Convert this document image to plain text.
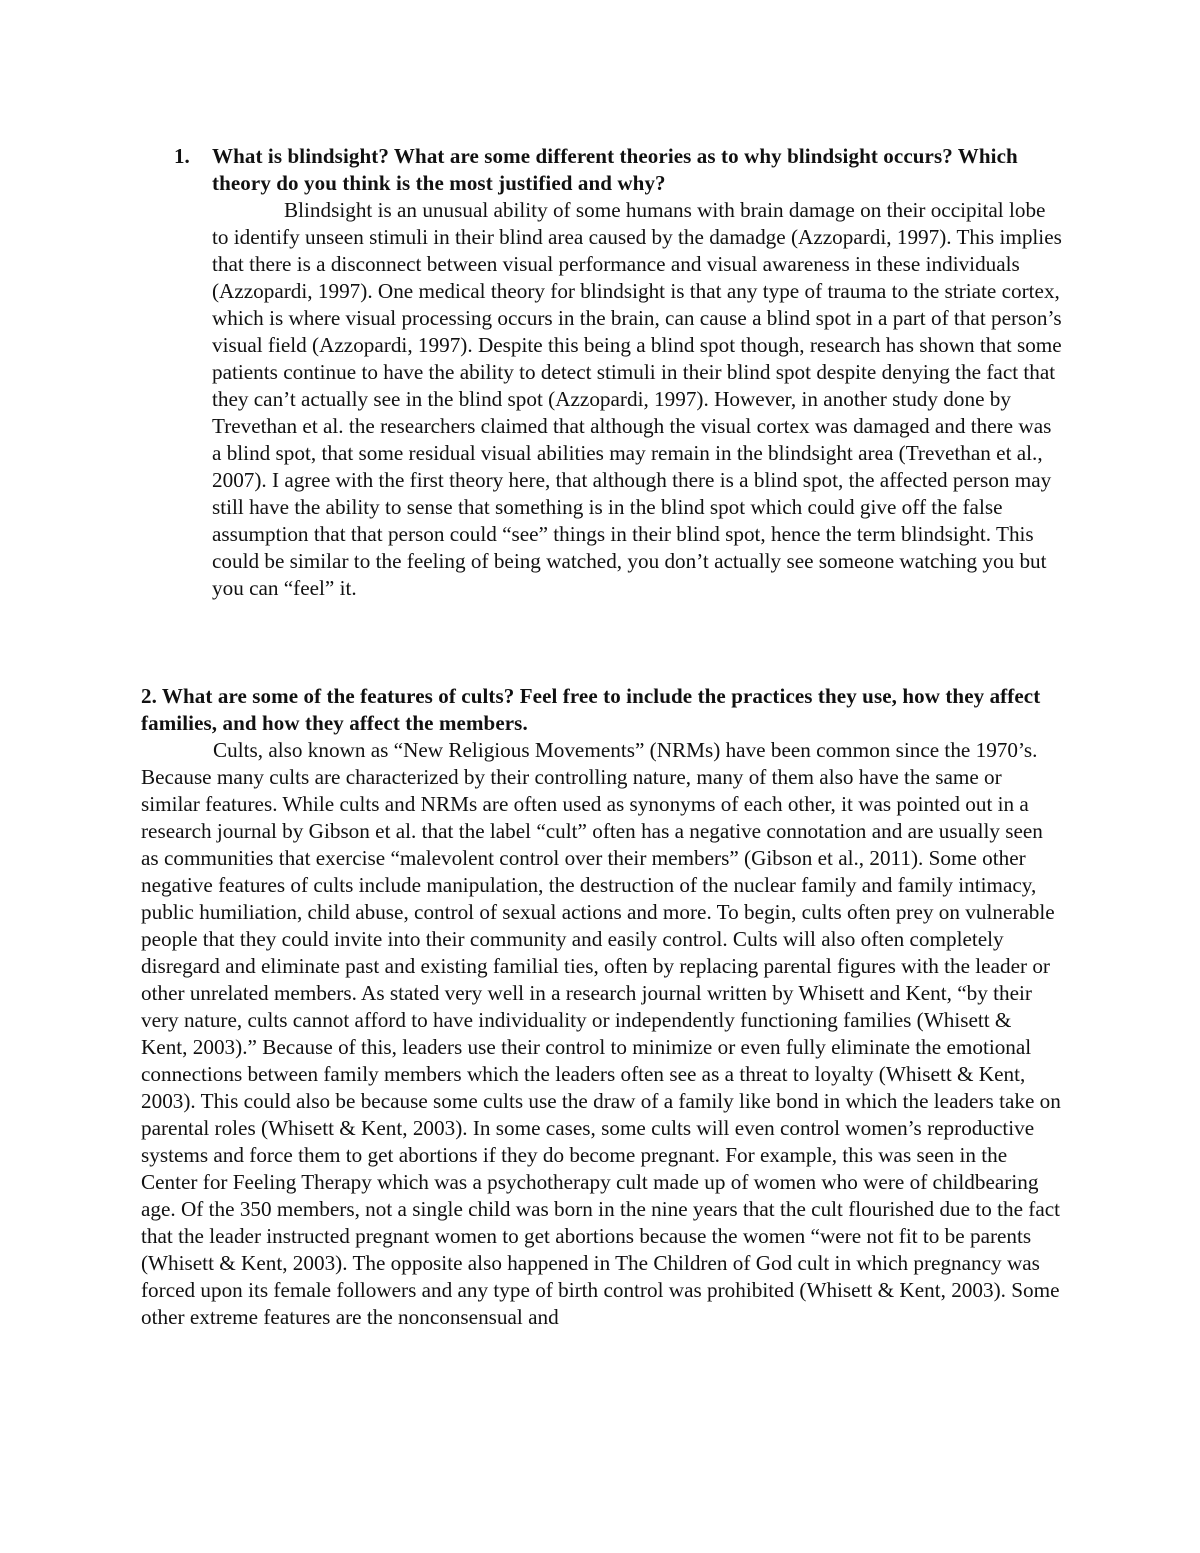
1. What is blindsight? What are some different theories as to why blindsight occurs? Which theory do you think is the most justified and why?

Blindsight is an unusual ability of some humans with brain damage on their occipital lobe to identify unseen stimuli in their blind area caused by the damadge (Azzopardi, 1997). This implies that there is a disconnect between visual performance and visual awareness in these individuals (Azzopardi, 1997). One medical theory for blindsight is that any type of trauma to the striate cortex, which is where visual processing occurs in the brain, can cause a blind spot in a part of that person’s visual field (Azzopardi, 1997). Despite this being a blind spot though, research has shown that some patients continue to have the ability to detect stimuli in their blind spot despite denying the fact that they can’t actually see in the blind spot (Azzopardi, 1997). However, in another study done by Trevethan et al. the researchers claimed that although the visual cortex was damaged and there was a blind spot, that some residual visual abilities may remain in the blindsight area (Trevethan et al., 2007). I agree with the first theory here, that although there is a blind spot, the affected person may still have the ability to sense that something is in the blind spot which could give off the false assumption that that person could “see” things in their blind spot, hence the term blindsight. This could be similar to the feeling of being watched, you don’t actually see someone watching you but you can “feel” it.

2. What are some of the features of cults? Feel free to include the practices they use, how they affect families, and how they affect the members.

Cults, also known as “New Religious Movements” (NRMs) have been common since the 1970’s. Because many cults are characterized by their controlling nature, many of them also have the same or similar features. While cults and NRMs are often used as synonyms of each other, it was pointed out in a research journal by Gibson et al. that the label “cult” often has a negative connotation and are usually seen as communities that exercise “malevolent control over their members” (Gibson et al., 2011). Some other negative features of cults include manipulation, the destruction of the nuclear family and family intimacy, public humiliation, child abuse, control of sexual actions and more. To begin, cults often prey on vulnerable people that they could invite into their community and easily control. Cults will also often completely disregard and eliminate past and existing familial ties, often by replacing parental figures with the leader or other unrelated members. As stated very well in a research journal written by Whisett and Kent, “by their very nature, cults cannot afford to have individuality or independently functioning families (Whisett & Kent, 2003).” Because of this, leaders use their control to minimize or even fully eliminate the emotional connections between family members which the leaders often see as a threat to loyalty (Whisett & Kent, 2003). This could also be because some cults use the draw of a family like bond in which the leaders take on parental roles (Whisett & Kent, 2003). In some cases, some cults will even control women’s reproductive systems and force them to get abortions if they do become pregnant. For example, this was seen in the Center for Feeling Therapy which was a psychotherapy cult made up of women who were of childbearing age. Of the 350 members, not a single child was born in the nine years that the cult flourished due to the fact that the leader instructed pregnant women to get abortions because the women “were not fit to be parents (Whisett & Kent, 2003). The opposite also happened in The Children of God cult in which pregnancy was forced upon its female followers and any type of birth control was prohibited (Whisett & Kent, 2003). Some other extreme features are the nonconsensual and
